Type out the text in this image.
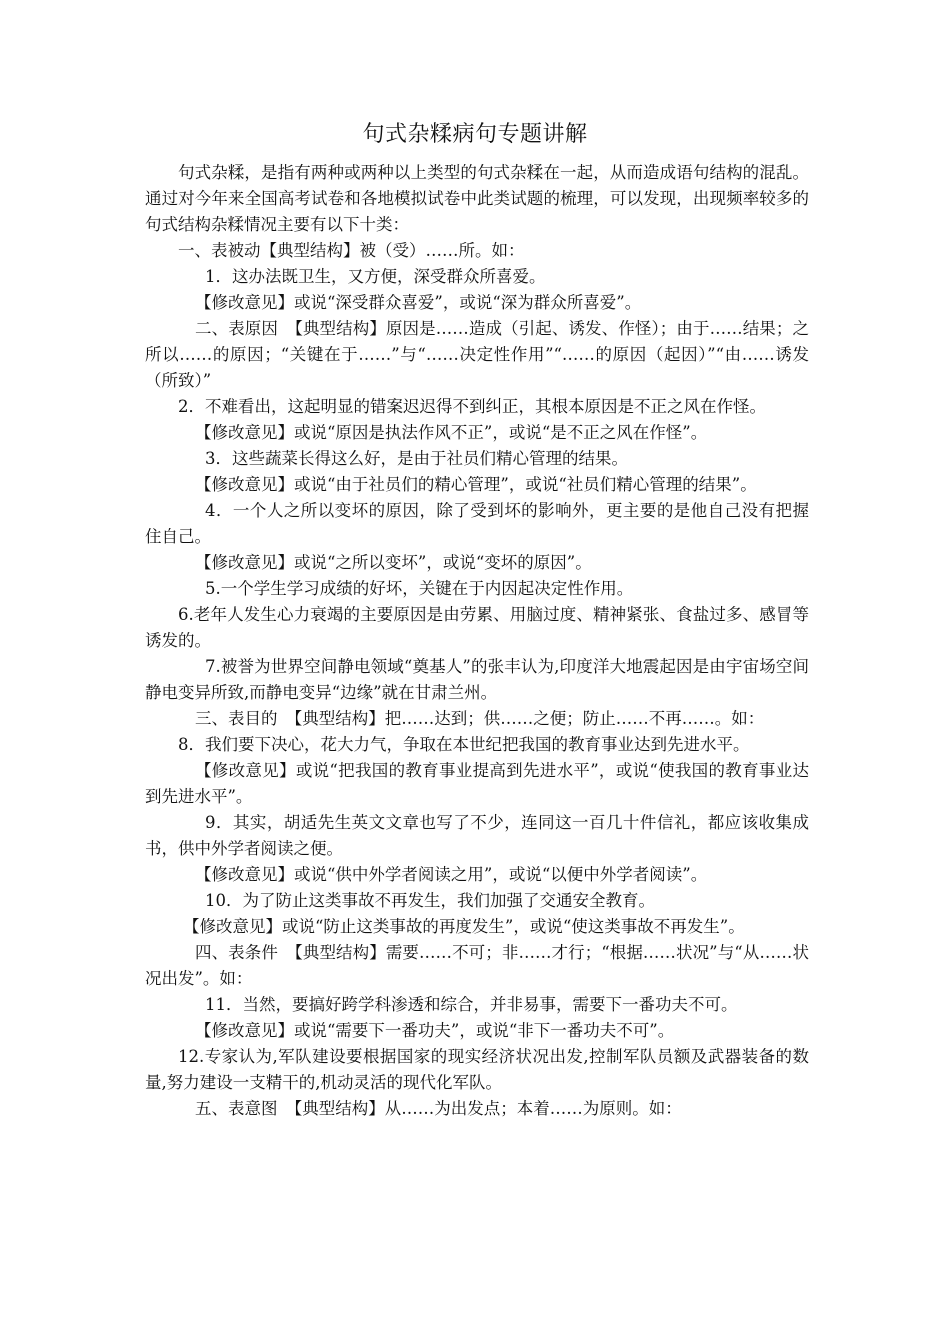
句式杂糅病句专题讲解

句式杂糅，是指有两种或两种以上类型的句式杂糅在一起，从而造成语句结构的混乱。通过对今年来全国高考试卷和各地模拟试卷中此类试题的梳理，可以发现，出现频率较多的句式结构杂糅情况主要有以下十类：

一、表被动【典型结构】被（受）……所。如：

1．这办法既卫生，又方便，深受群众所喜爱。

【修改意见】或说“深受群众喜爱”，或说“深为群众所喜爱”。

二、表原因　【典型结构】原因是……造成（引起、诱发、作怪）；由于……结果；之所以……的原因；“关键在于……”与“……决定性作用”“……的原因（起因）”“由……诱发（所致）”

2．不难看出，这起明显的错案迟迟得不到纠正，其根本原因是不正之风在作怪。

【修改意见】或说“原因是执法作风不正”，或说“是不正之风在作怪”。

3．这些蔬菜长得这么好，是由于社员们精心管理的结果。

【修改意见】或说“由于社员们的精心管理”，或说“社员们精心管理的结果”。

4．一个人之所以变坏的原因，除了受到坏的影响外，更主要的是他自己没有把握住自己。

【修改意见】或说“之所以变坏”，或说“变坏的原因”。

5.一个学生学习成绩的好坏，关键在于内因起决定性作用。

6.老年人发生心力衰竭的主要原因是由劳累、用脑过度、精神紧张、食盐过多、感冒等诱发的。

7.被誉为世界空间静电领域“奠基人”的张丰认为,印度洋大地震起因是由宇宙场空间静电变异所致,而静电变异“边缘”就在甘肃兰州。

三、表目的　【典型结构】把……达到；供……之便；防止……不再……。如：

8．我们要下决心，花大力气，争取在本世纪把我国的教育事业达到先进水平。

【修改意见】或说“把我国的教育事业提高到先进水平”，或说“使我国的教育事业达到先进水平”。

9．其实，胡适先生英文文章也写了不少，连同这一百几十件信礼，都应该收集成书，供中外学者阅读之便。

【修改意见】或说“供中外学者阅读之用”，或说“以便中外学者阅读”。

10．为了防止这类事故不再发生，我们加强了交通安全教育。

【修改意见】或说“防止这类事故的再度发生”，或说“使这类事故不再发生”。

四、表条件　【典型结构】需要……不可；非……才行；“根据……状况”与“从……状况出发”。如：

11．当然，要搞好跨学科渗透和综合，并非易事，需要下一番功夫不可。

【修改意见】或说“需要下一番功夫”，或说“非下一番功夫不可”。

12.专家认为,军队建设要根据国家的现实经济状况出发,控制军队员额及武器装备的数量,努力建设一支精干的,机动灵活的现代化军队。

五、表意图　【典型结构】从……为出发点；本着……为原则。如：
